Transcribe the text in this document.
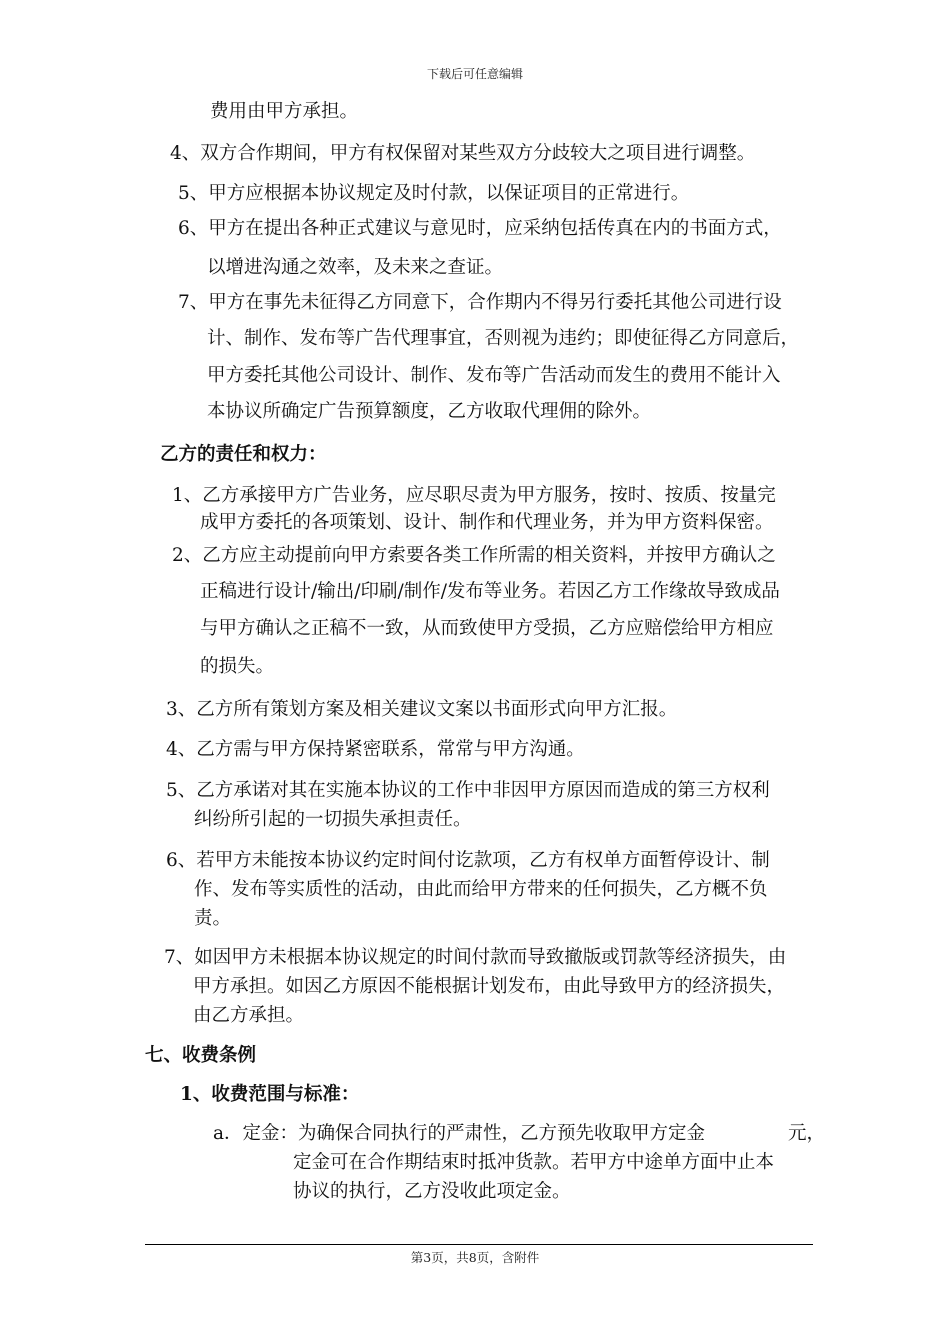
下载后可任意编辑
费用由甲方承担。
4、双方合作期间，甲方有权保留对某些双方分歧较大之项目进行调整。
5、甲方应根据本协议规定及时付款，以保证项目的正常进行。
6、甲方在提出各种正式建议与意见时，应采纳包括传真在内的书面方式，
以增进沟通之效率，及未来之查证。
7、甲方在事先未征得乙方同意下，合作期内不得另行委托其他公司进行设
计、制作、发布等广告代理事宜，否则视为违约；即使征得乙方同意后，
甲方委托其他公司设计、制作、发布等广告活动而发生的费用不能计入
本协议所确定广告预算额度，乙方收取代理佣的除外。
乙方的责任和权力：
1、乙方承接甲方广告业务，应尽职尽责为甲方服务，按时、按质、按量完
成甲方委托的各项策划、设计、制作和代理业务，并为甲方资料保密。
2、乙方应主动提前向甲方索要各类工作所需的相关资料，并按甲方确认之
正稿进行设计/输出/印刷/制作/发布等业务。若因乙方工作缘故导致成品
与甲方确认之正稿不一致，从而致使甲方受损，乙方应赔偿给甲方相应
的损失。
3、乙方所有策划方案及相关建议文案以书面形式向甲方汇报。
4、乙方需与甲方保持紧密联系，常常与甲方沟通。
5、乙方承诺对其在实施本协议的工作中非因甲方原因而造成的第三方权利
纠纷所引起的一切损失承担责任。
6、若甲方未能按本协议约定时间付讫款项，乙方有权单方面暂停设计、制
作、发布等实质性的活动，由此而给甲方带来的任何损失，乙方概不负
责。
7、如因甲方未根据本协议规定的时间付款而导致撤版或罚款等经济损失，由
甲方承担。如因乙方原因不能根据计划发布，由此导致甲方的经济损失，
由乙方承担。
七、收费条例
1、收费范围与标准：
a．定金：为确保合同执行的严肃性，乙方预先收取甲方定金	元，
定金可在合作期结束时抵冲货款。若甲方中途单方面中止本
协议的执行，乙方没收此项定金。
第3页，共8页，含附件
